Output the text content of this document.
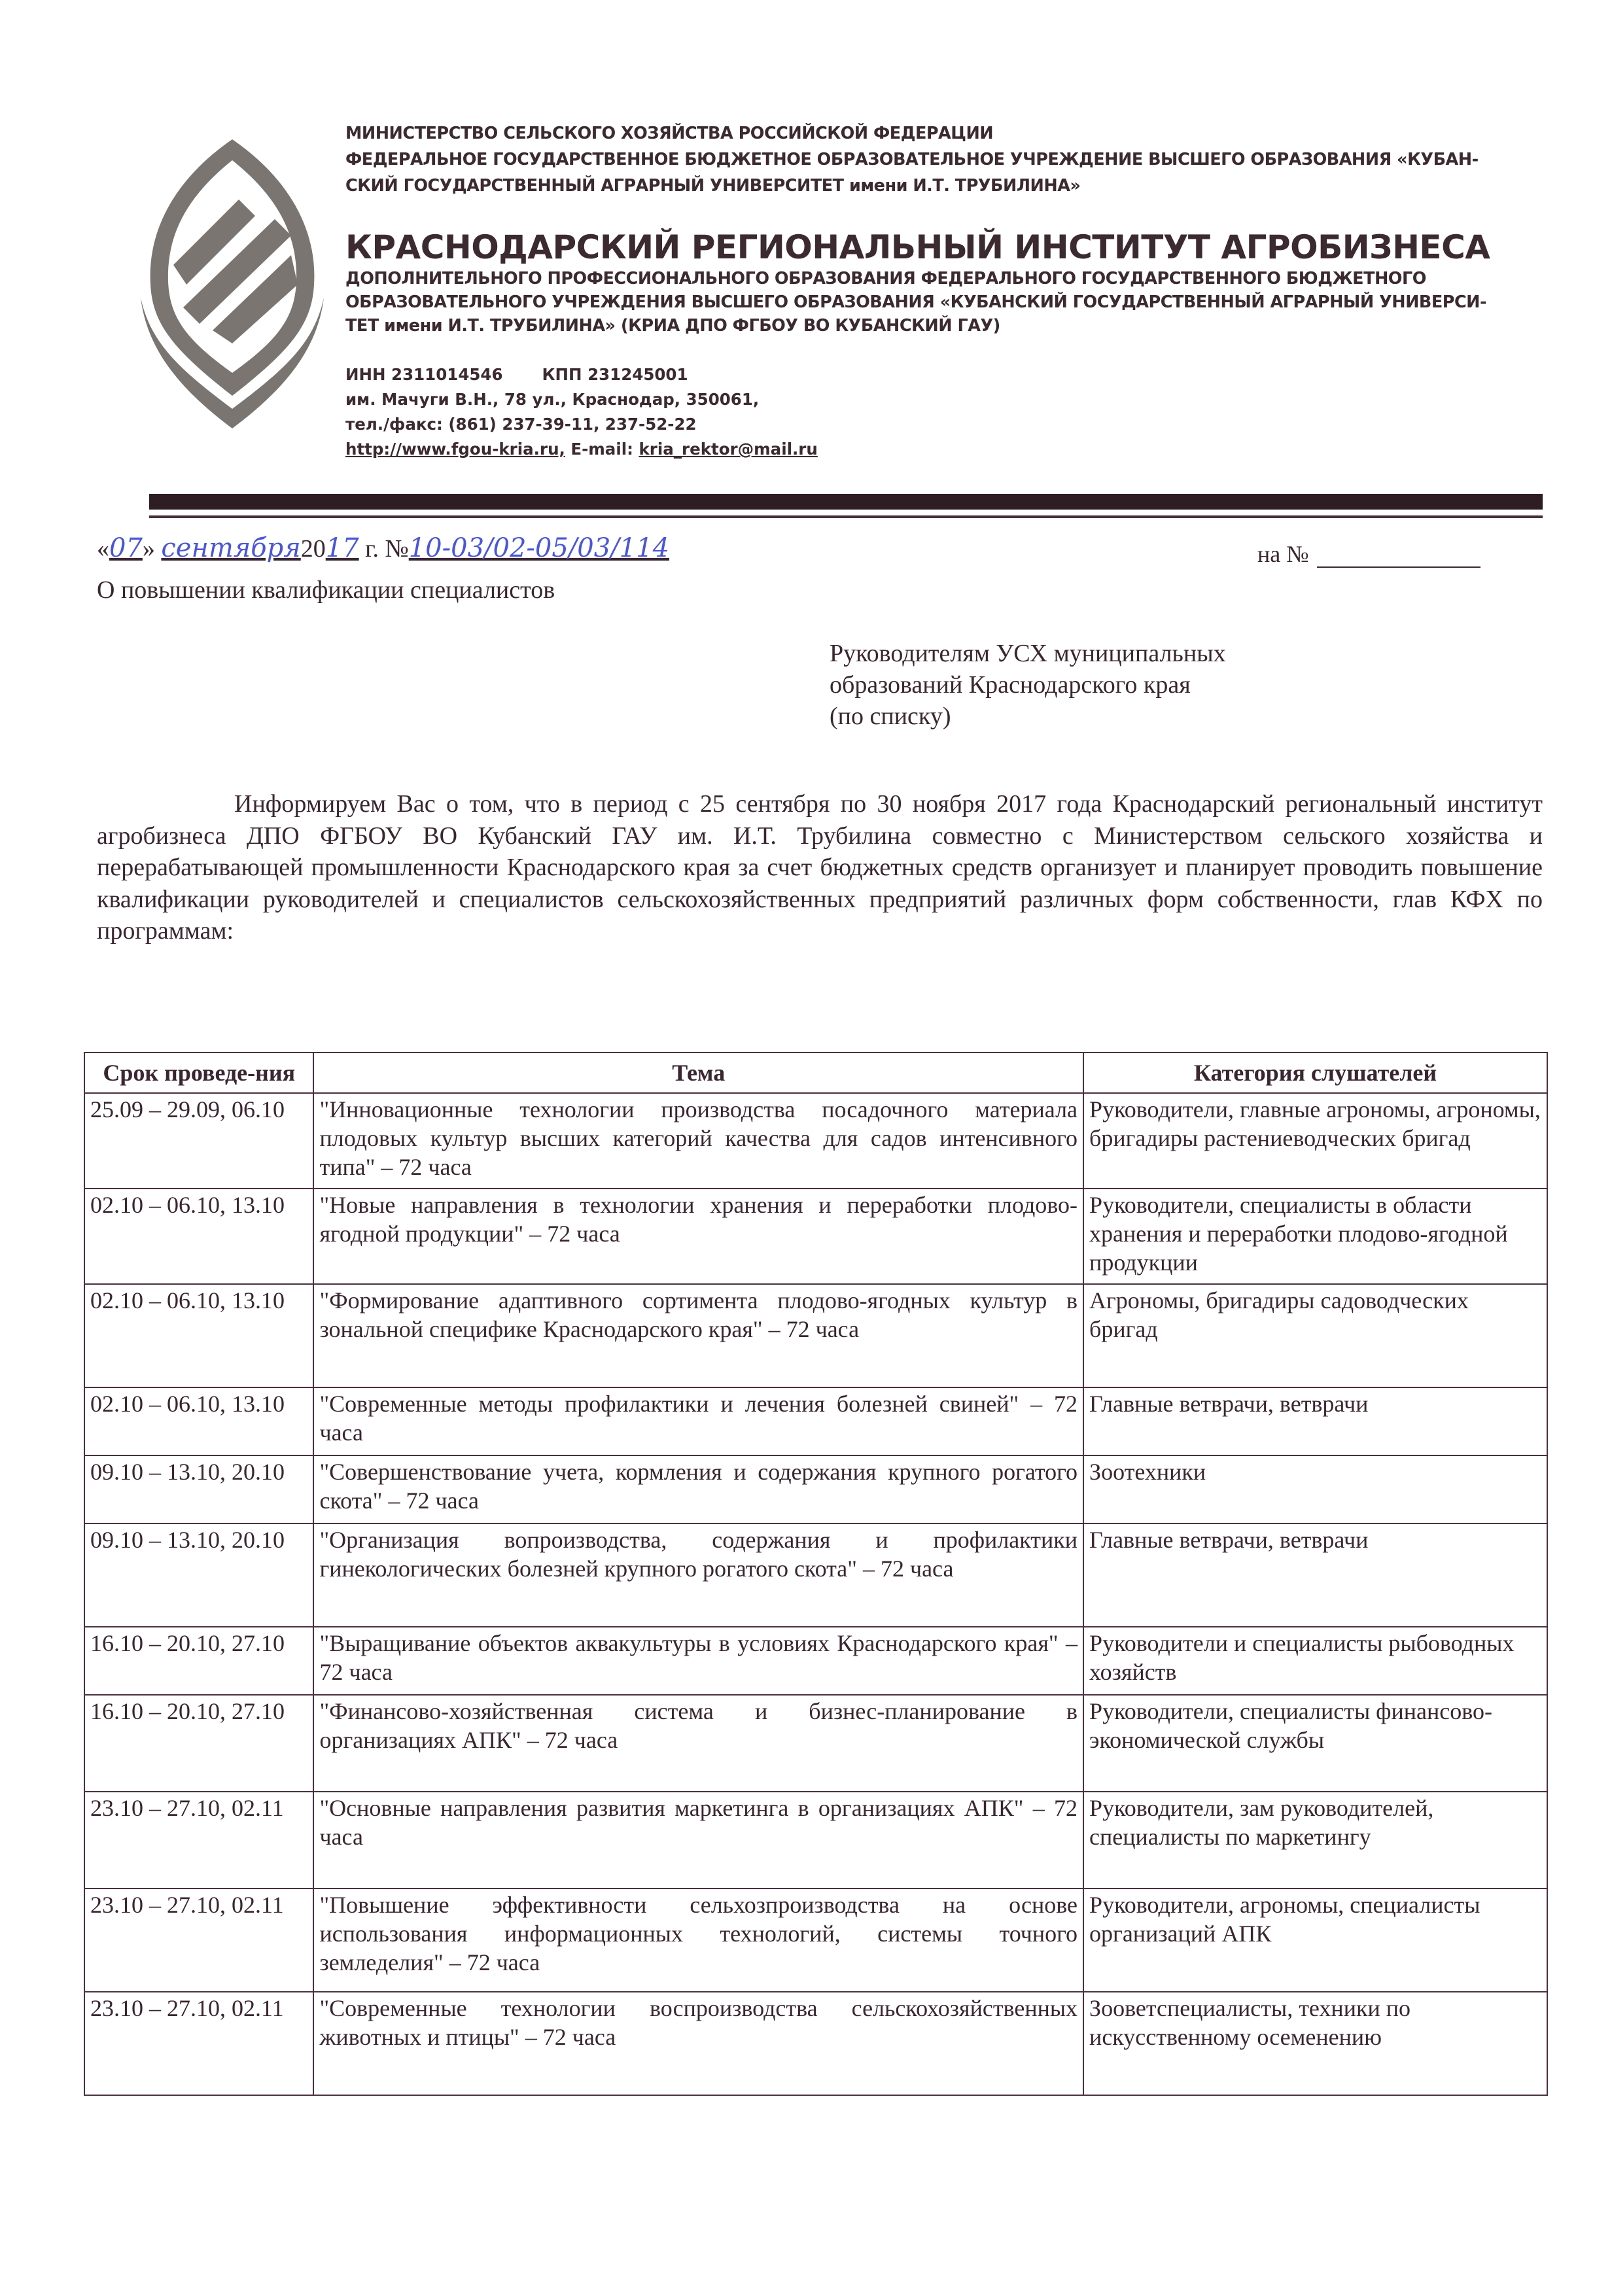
МИНИСТЕРСТВО СЕЛЬСКОГО ХОЗЯЙСТВА РОССИЙСКОЙ ФЕДЕРАЦИИ
ФЕДЕРАЛЬНОЕ ГОСУДАРСТВЕННОЕ БЮДЖЕТНОЕ ОБРАЗОВАТЕЛЬНОЕ УЧРЕЖДЕНИЕ ВЫСШЕГО ОБРАЗОВАНИЯ «КУБАН-
СКИЙ ГОСУДАРСТВЕННЫЙ АГРАРНЫЙ УНИВЕРСИТЕТ имени И.Т. ТРУБИЛИНА»
КРАСНОДАРСКИЙ РЕГИОНАЛЬНЫЙ ИНСТИТУТ АГРОБИЗНЕСА
ДОПОЛНИТЕЛЬНОГО ПРОФЕССИОНАЛЬНОГО ОБРАЗОВАНИЯ ФЕДЕРАЛЬНОГО ГОСУДАРСТВЕННОГО БЮДЖЕТНОГО
ОБРАЗОВАТЕЛЬНОГО УЧРЕЖДЕНИЯ ВЫСШЕГО ОБРАЗОВАНИЯ «КУБАНСКИЙ ГОСУДАРСТВЕННЫЙ АГРАРНЫЙ УНИВЕРСИ-
ТЕТ имени И.Т. ТРУБИЛИНА» (КРИА ДПО ФГБОУ ВО КУБАНСКИЙ ГАУ)
ИНН 2311014546 КПП 231245001
им. Мачуги В.Н., 78 ул., Краснодар, 350061,
тел./факс: (861) 237-39-11, 237-52-22
http://www.fgou-kria.ru, E-mail: kria_rektor@mail.ru
«07» сентября2017 г. №10-03/02-05/03/114	на №
О повышении квалификации специалистов
Руководителям УСХ муниципальных
образований Краснодарского края
(по списку)

Информируем Вас о том, что в период с 25 сентября по 30 ноября 2017 года Краснодарский региональный институт агробизнеса ДПО ФГБОУ ВО Кубанский ГАУ им. И.Т. Трубилина совместно с Министерством сельского хозяйства и перерабатывающей промышленности Краснодарского края за счет бюджетных средств организует и планирует проводить повышение квалификации руководителей и специалистов сельскохозяйственных предприятий различных форм собственности, глав КФХ по программам:

Срок проведе-ния	Тема	Категория слушателей
25.09 – 29.09, 06.10	"Инновационные технологии производства посадочного материала плодовых культур высших категорий качества для садов интенсивного типа" – 72 часа	Руководители, главные агрономы, агрономы, бригадиры растениеводческих бригад
02.10 – 06.10, 13.10	"Новые направления в технологии хранения и переработки плодово-ягодной продукции" – 72 часа	Руководители, специалисты в области хранения и переработки плодово-ягодной продукции
02.10 – 06.10, 13.10	"Формирование адаптивного сортимента плодово-ягодных культур в зональной специфике Краснодарского края" – 72 часа	Агрономы, бригадиры садоводческих бригад
02.10 – 06.10, 13.10	"Современные методы профилактики и лечения болезней свиней" – 72 часа	Главные ветврачи, ветврачи
09.10 – 13.10, 20.10	"Совершенствование учета, кормления и содержания крупного рогатого скота" – 72 часа	Зоотехники
09.10 – 13.10, 20.10	"Организация вопроизводства, содержания и профилактики гинекологических болезней крупного рогатого скота" – 72 часа	Главные ветврачи, ветврачи
16.10 – 20.10, 27.10	"Выращивание объектов аквакультуры в условиях Краснодарского края" – 72 часа	Руководители и специалисты рыбоводных хозяйств
16.10 – 20.10, 27.10	"Финансово-хозяйственная система и бизнес-планирование в организациях АПК" – 72 часа	Руководители, специалисты финансово-экономической службы
23.10 – 27.10, 02.11	"Основные направления развития маркетинга в организациях АПК" – 72 часа	Руководители, зам руководителей, специалисты по маркетингу
23.10 – 27.10, 02.11	"Повышение эффективности сельхозпроизводства на основе использования информационных технологий, системы точного земледелия" – 72 часа	Руководители, агрономы, специалисты организаций АПК
23.10 – 27.10, 02.11	"Современные технологии воспроизводства сельскохозяйственных животных и птицы" – 72 часа	Зооветспециалисты, техники по искусственному осеменению
